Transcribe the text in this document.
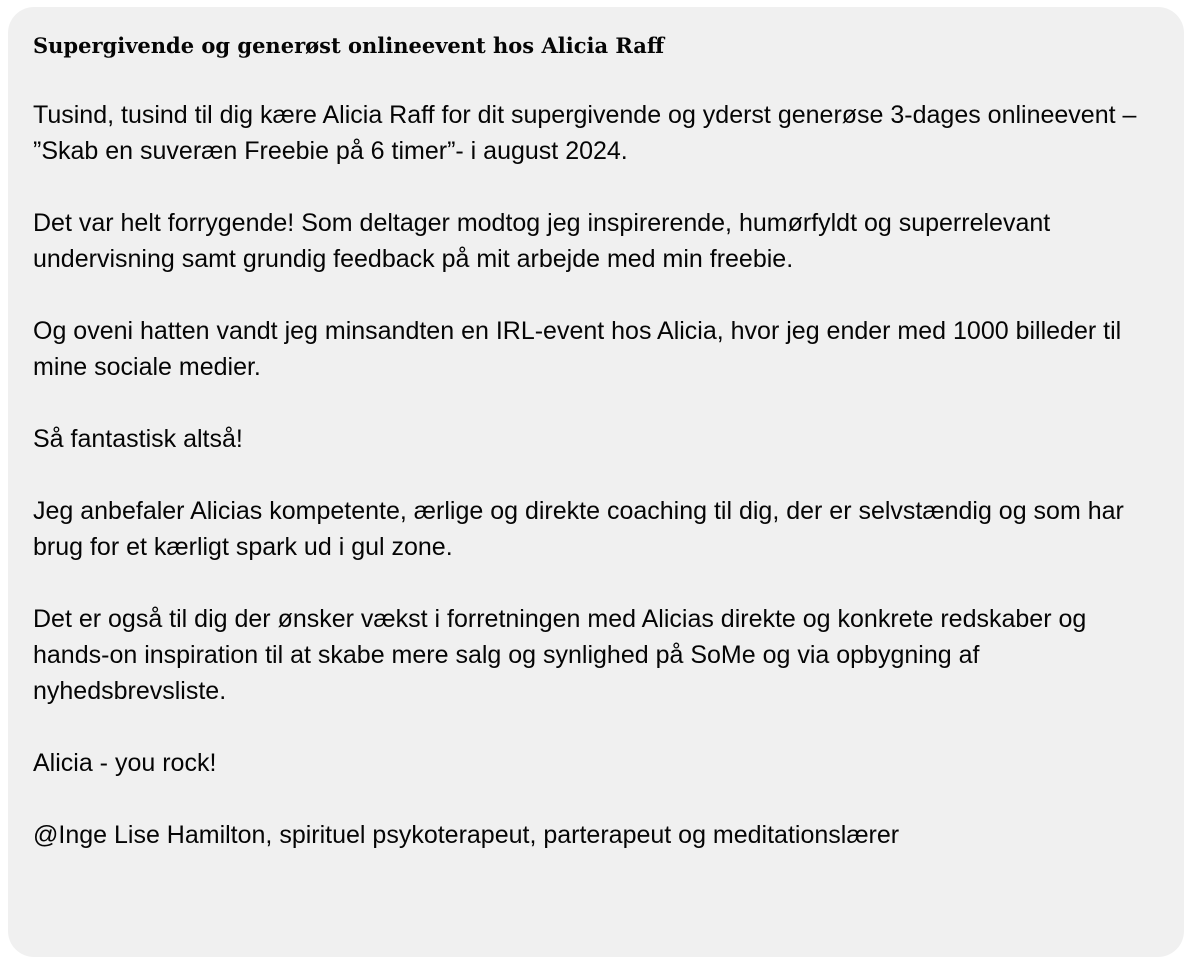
Supergivende og generøst onlineevent hos Alicia Raff
Tusind, tusind til dig kære Alicia Raff for dit supergivende og yderst generøse 3-dages onlineevent – ”Skab en suveræn Freebie på 6 timer”- i august 2024.
Det var helt forrygende! Som deltager modtog jeg inspirerende, humørfyldt og superrelevant undervisning samt grundig feedback på mit arbejde med min freebie.
Og oveni hatten vandt jeg minsandten en IRL-event hos Alicia, hvor jeg ender med 1000 billeder til mine sociale medier.
Så fantastisk altså!
Jeg anbefaler Alicias kompetente, ærlige og direkte coaching til dig, der er selvstændig og som har brug for et kærligt spark ud i gul zone.
Det er også til dig der ønsker vækst i forretningen med Alicias direkte og konkrete redskaber og hands-on inspiration til at skabe mere salg og synlighed på SoMe og via opbygning af nyhedsbrevsliste.
Alicia - you rock!
@Inge Lise Hamilton, spirituel psykoterapeut, parterapeut og meditationslærer
